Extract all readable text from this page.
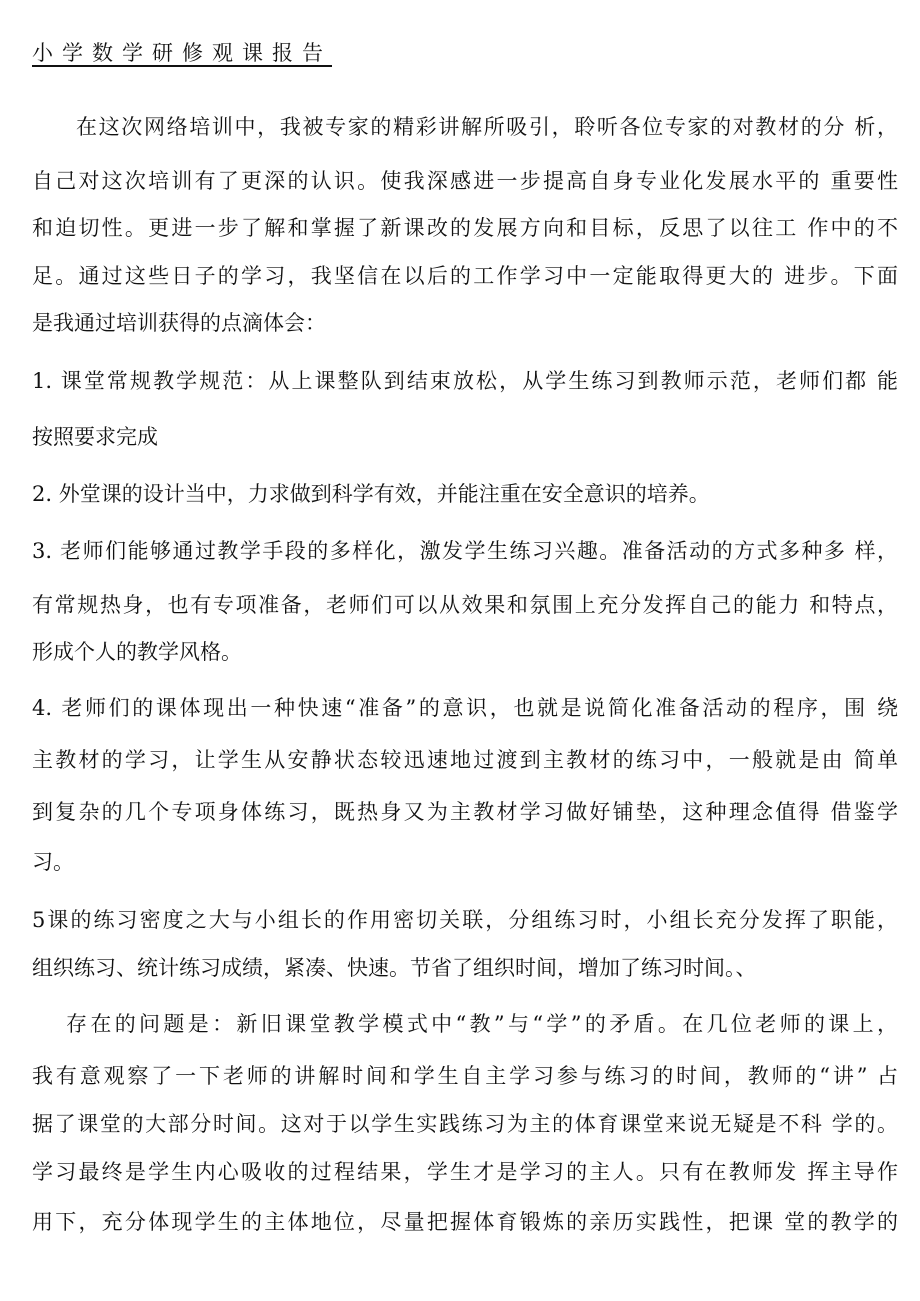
小学数学研修观课报告
在这次网络培训中，我被专家的精彩讲解所吸引，聆听各位专家的对教材的分 析，
自己对这次培训有了更深的认识。使我深感进一步提高自身专业化发展水平的 重要性
和迫切性。更进一步了解和掌握了新课改的发展方向和目标，反思了以往工 作中的不
足。通过这些日子的学习，我坚信在以后的工作学习中一定能取得更大的 进步。下面
是我通过培训获得的点滴体会：
1. 课堂常规教学规范：从上课整队到结束放松，从学生练习到教师示范，老师们都 能
按照要求完成
2. 外堂课的设计当中，力求做到科学有效，并能注重在安全意识的培养。
3. 老师们能够通过教学手段的多样化，激发学生练习兴趣。准备活动的方式多种多 样，
有常规热身，也有专项准备，老师们可以从效果和氛围上充分发挥自己的能力 和特点，
形成个人的教学风格。
4. 老师们的课体现出一种快速“准备”的意识，也就是说简化准备活动的程序，围 绕
主教材的学习，让学生从安静状态较迅速地过渡到主教材的练习中，一般就是由 简单
到复杂的几个专项身体练习，既热身又为主教材学习做好铺垫，这种理念值得 借鉴学
习。
5课的练习密度之大与小组长的作用密切关联，分组练习时，小组长充分发挥了职能，
组织练习、统计练习成绩，紧凑、快速。节省了组织时间，增加了练习时间。、
存在的问题是：新旧课堂教学模式中“教”与“学”的矛盾。在几位老师的课上，
我有意观察了一下老师的讲解时间和学生自主学习参与练习的时间，教师的“讲” 占
据了课堂的大部分时间。这对于以学生实践练习为主的体育课堂来说无疑是不科 学的。
学习最终是学生内心吸收的过程结果，学生才是学习的主人。只有在教师发 挥主导作
用下，充分体现学生的主体地位，尽量把握体育锻炼的亲历实践性，把课 堂的教学的
